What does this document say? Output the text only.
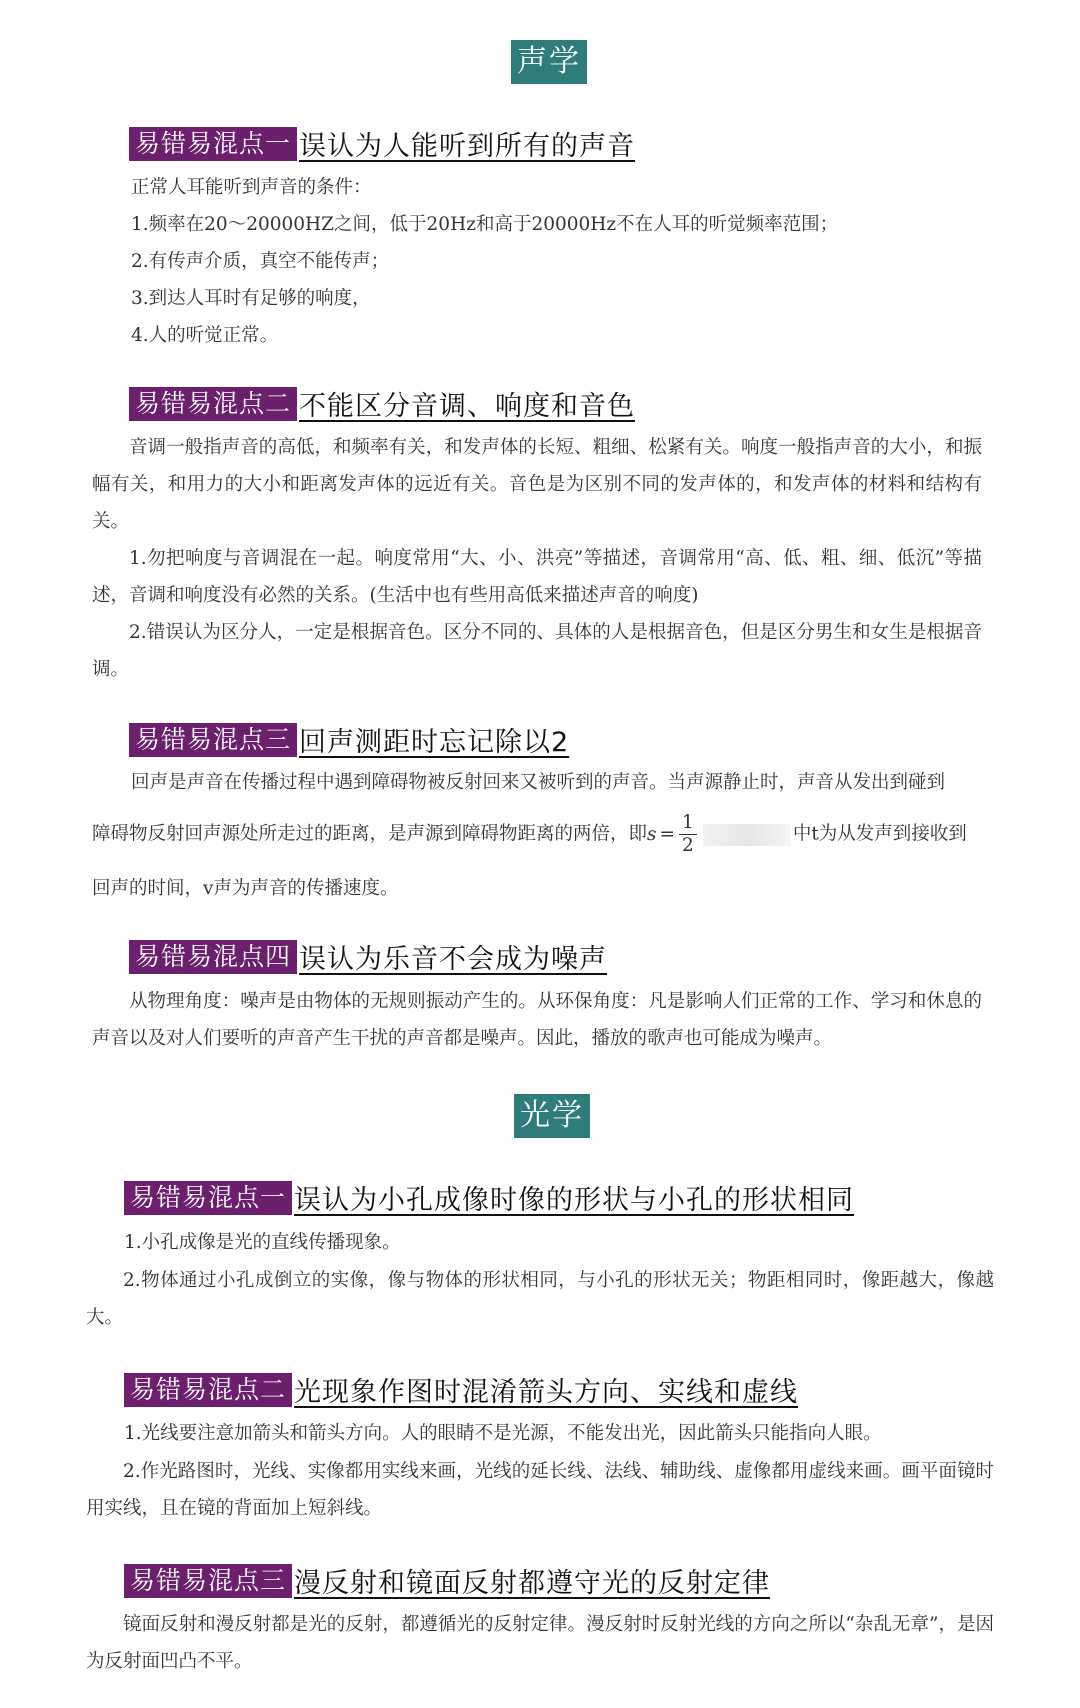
声学
易错易混点一 误认为人能听到所有的声音
正常人耳能听到声音的条件：
1.频率在20～20000HZ之间，低于20Hz和高于20000Hz不在人耳的听觉频率范围；
2.有传声介质，真空不能传声；
3.到达人耳时有足够的响度，
4.人的听觉正常。
易错易混点二 不能区分音调、响度和音色

音调一般指声音的高低，和频率有关，和发声体的长短、粗细、松紧有关。响度一般指声音的大小，和振幅有关，和用力的大小和距离发声体的远近有关。音色是为区别不同的发声体的，和发声体的材料和结构有关。

1.勿把响度与音调混在一起。响度常用“大、小、洪亮”等描述，音调常用“高、低、粗、细、低沉”等描述，音调和响度没有必然的关系。(生活中也有些用高低来描述声音的响度)

2.错误认为区分人，一定是根据音色。区分不同的、具体的人是根据音色，但是区分男生和女生是根据音调。

易错易混点三 回声测距时忘记除以2
回声是声音在传播过程中遇到障碍物被反射回来又被听到的声音。当声源静止时，声音从发出到碰到
障碍物反射回声源处所走过的距离，是声源到障碍物距离的两倍，即 $s = \frac{1}{2}$	中t为从发声到接收到
回声的时间，v声为声音的传播速度。
易错易混点四 误认为乐音不会成为噪声

从物理角度：噪声是由物体的无规则振动产生的。从环保角度：凡是影响人们正常的工作、学习和休息的声音以及对人们要听的声音产生干扰的声音都是噪声。因此，播放的歌声也可能成为噪声。

光学
易错易混点一 误认为小孔成像时像的形状与小孔的形状相同
1.小孔成像是光的直线传播现象。

2.物体通过小孔成倒立的实像，像与物体的形状相同，与小孔的形状无关；物距相同时，像距越大，像越大。

易错易混点二 光现象作图时混淆箭头方向、实线和虚线
1.光线要注意加箭头和箭头方向。人的眼睛不是光源，不能发出光，因此箭头只能指向人眼。

2.作光路图时，光线、实像都用实线来画，光线的延长线、法线、辅助线、虚像都用虚线来画。画平面镜时用实线，且在镜的背面加上短斜线。

易错易混点三 漫反射和镜面反射都遵守光的反射定律

镜面反射和漫反射都是光的反射，都遵循光的反射定律。漫反射时反射光线的方向之所以“杂乱无章”，是因为反射面凹凸不平。
